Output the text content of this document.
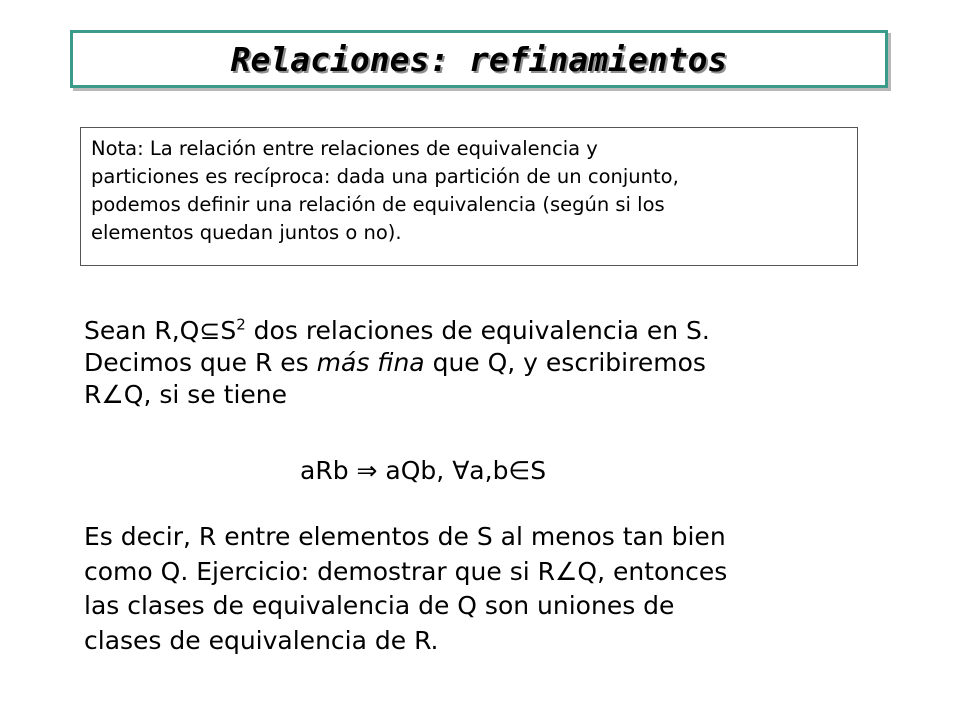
Relaciones: refinamientos
Nota: La relación entre relaciones de equivalencia y
particiones es recíproca: dada una partición de un conjunto,
podemos definir una relación de equivalencia (según si los
elementos quedan juntos o no).
Sean $R,Q⊆S^2$ dos relaciones de equivalencia en S.
Decimos que R es más fina que Q, y escribiremos
R∠Q, si se tiene
aRb ⇒ aQb, ∀a,b∈S
Es decir, R entre elementos de S al menos tan bien
como Q. Ejercicio: demostrar que si R∠Q, entonces
las clases de equivalencia de Q son uniones de
clases de equivalencia de R.
